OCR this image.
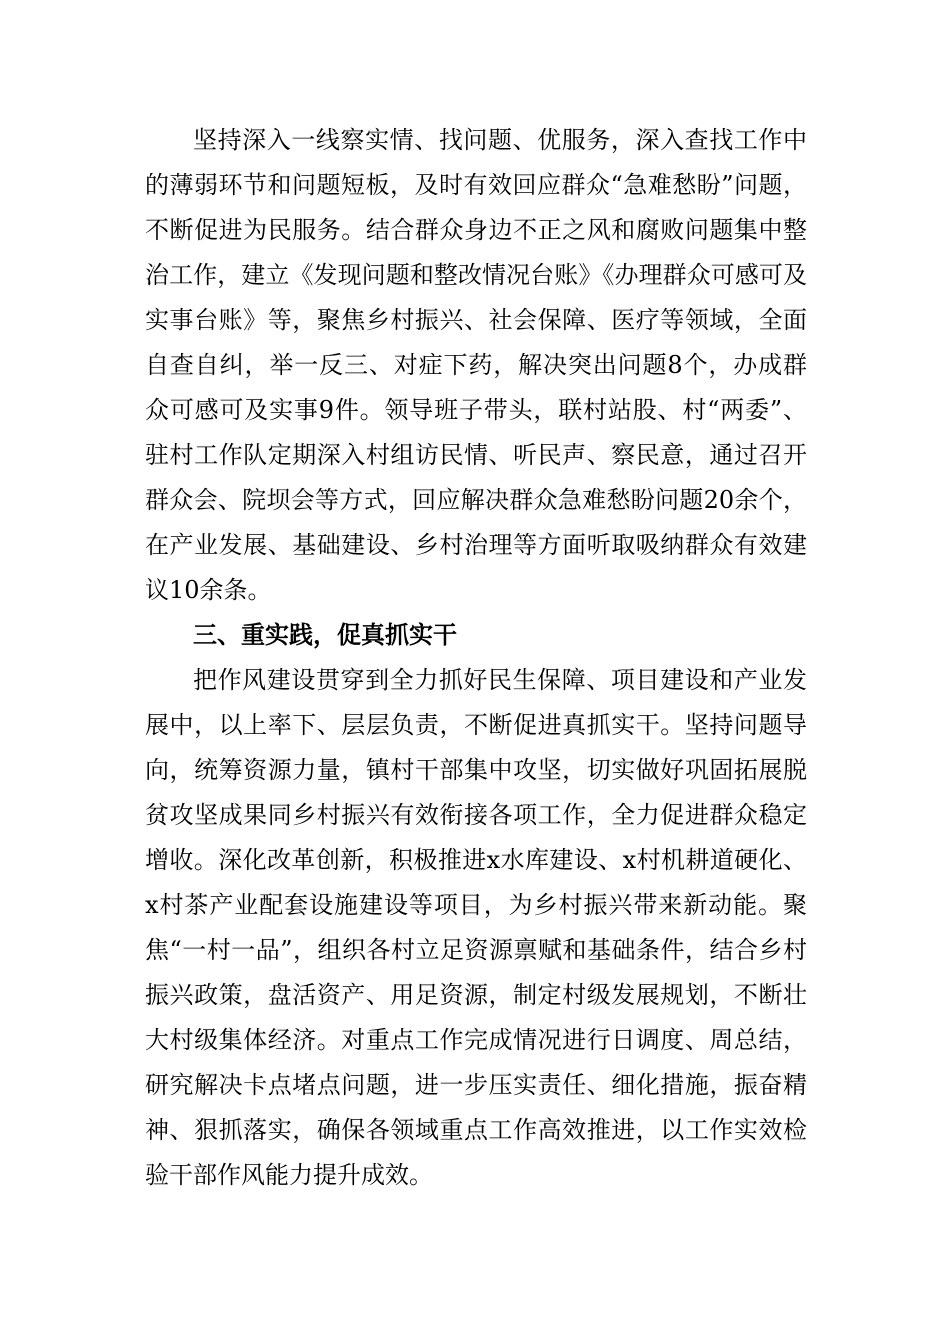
坚持深入一线察实情、找问题、优服务，深入查找工作中的薄弱环节和问题短板，及时有效回应群众“急难愁盼”问题，不断促进为民服务。结合群众身边不正之风和腐败问题集中整治工作，建立《发现问题和整改情况台账》《办理群众可感可及实事台账》等，聚焦乡村振兴、社会保障、医疗等领域，全面自查自纠，举一反三、对症下药，解决突出问题8个，办成群众可感可及实事9件。领导班子带头，联村站股、村“两委”、驻村工作队定期深入村组访民情、听民声、察民意，通过召开群众会、院坝会等方式，回应解决群众急难愁盼问题20余个，在产业发展、基础建设、乡村治理等方面听取吸纳群众有效建议10余条。

三、重实践，促真抓实干

把作风建设贯穿到全力抓好民生保障、项目建设和产业发展中，以上率下、层层负责，不断促进真抓实干。坚持问题导向，统筹资源力量，镇村干部集中攻坚，切实做好巩固拓展脱贫攻坚成果同乡村振兴有效衔接各项工作，全力促进群众稳定增收。深化改革创新，积极推进x水库建设、x村机耕道硬化、x村茶产业配套设施建设等项目，为乡村振兴带来新动能。聚焦“一村一品”，组织各村立足资源禀赋和基础条件，结合乡村振兴政策，盘活资产、用足资源，制定村级发展规划，不断壮大村级集体经济。对重点工作完成情况进行日调度、周总结，研究解决卡点堵点问题，进一步压实责任、细化措施，振奋精神、狠抓落实，确保各领域重点工作高效推进，以工作实效检验干部作风能力提升成效。
